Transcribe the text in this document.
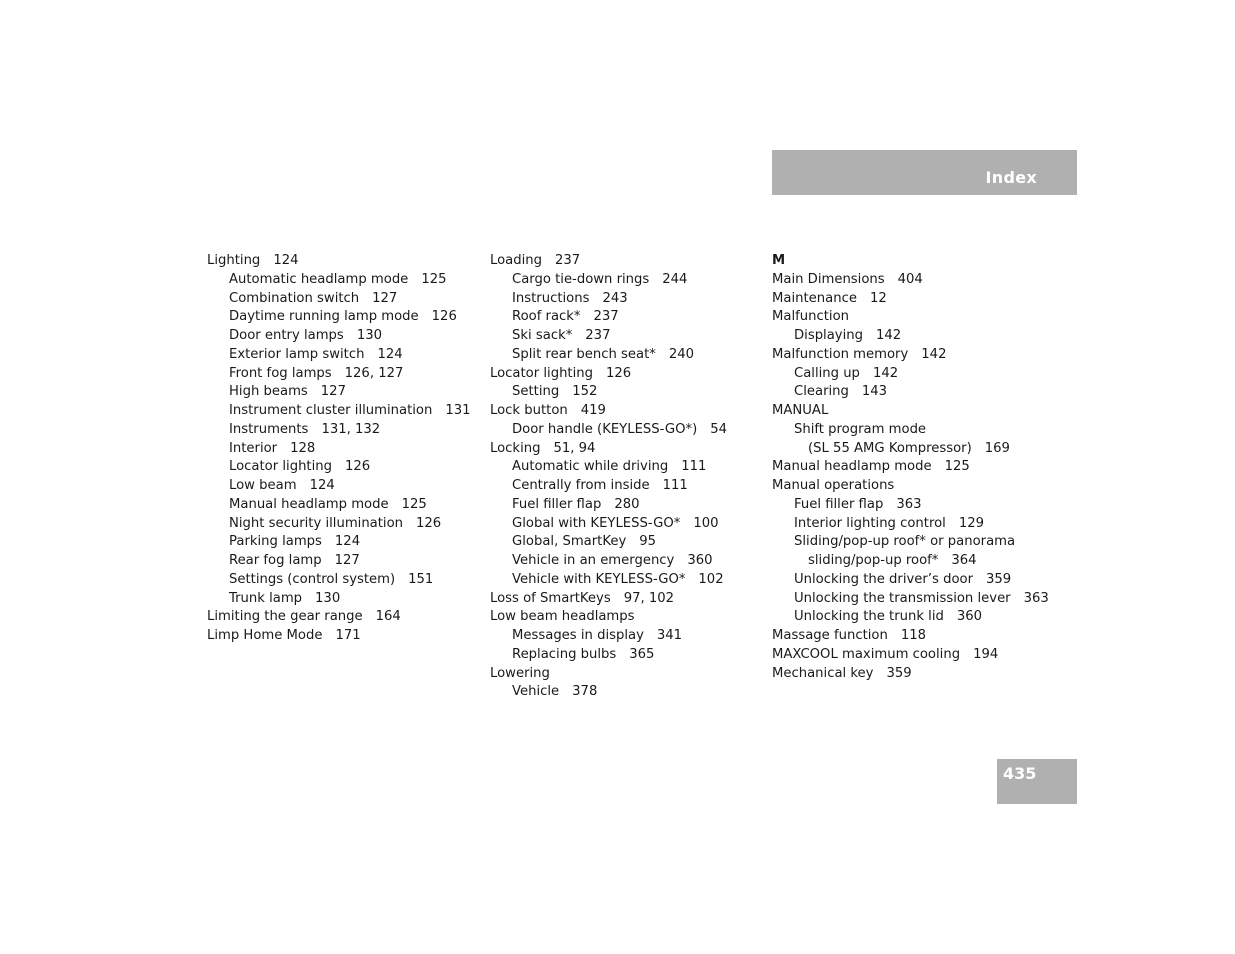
Index
Lighting 124
Automatic headlamp mode 125
Combination switch 127
Daytime running lamp mode 126
Door entry lamps 130
Exterior lamp switch 124
Front fog lamps 126, 127
High beams 127
Instrument cluster illumination 131
Instruments 131, 132
Interior 128
Locator lighting 126
Low beam 124
Manual headlamp mode 125
Night security illumination 126
Parking lamps 124
Rear fog lamp 127
Settings (control system) 151
Trunk lamp 130
Limiting the gear range 164
Limp Home Mode 171
Loading 237
Cargo tie-down rings 244
Instructions 243
Roof rack* 237
Ski sack* 237
Split rear bench seat* 240
Locator lighting 126
Setting 152
Lock button 419
Door handle (KEYLESS-GO*) 54
Locking 51, 94
Automatic while driving 111
Centrally from inside 111
Fuel filler flap 280
Global with KEYLESS-GO* 100
Global, SmartKey 95
Vehicle in an emergency 360
Vehicle with KEYLESS-GO* 102
Loss of SmartKeys 97, 102
Low beam headlamps
Messages in display 341
Replacing bulbs 365
Lowering
Vehicle 378
M
Main Dimensions 404
Maintenance 12
Malfunction
Displaying 142
Malfunction memory 142
Calling up 142
Clearing 143
MANUAL
Shift program mode
(SL 55 AMG Kompressor) 169
Manual headlamp mode 125
Manual operations
Fuel filler flap 363
Interior lighting control 129
Sliding/pop-up roof* or panorama
sliding/pop-up roof* 364
Unlocking the driver’s door 359
Unlocking the transmission lever 363
Unlocking the trunk lid 360
Massage function 118
MAXCOOL maximum cooling 194
Mechanical key 359
435
